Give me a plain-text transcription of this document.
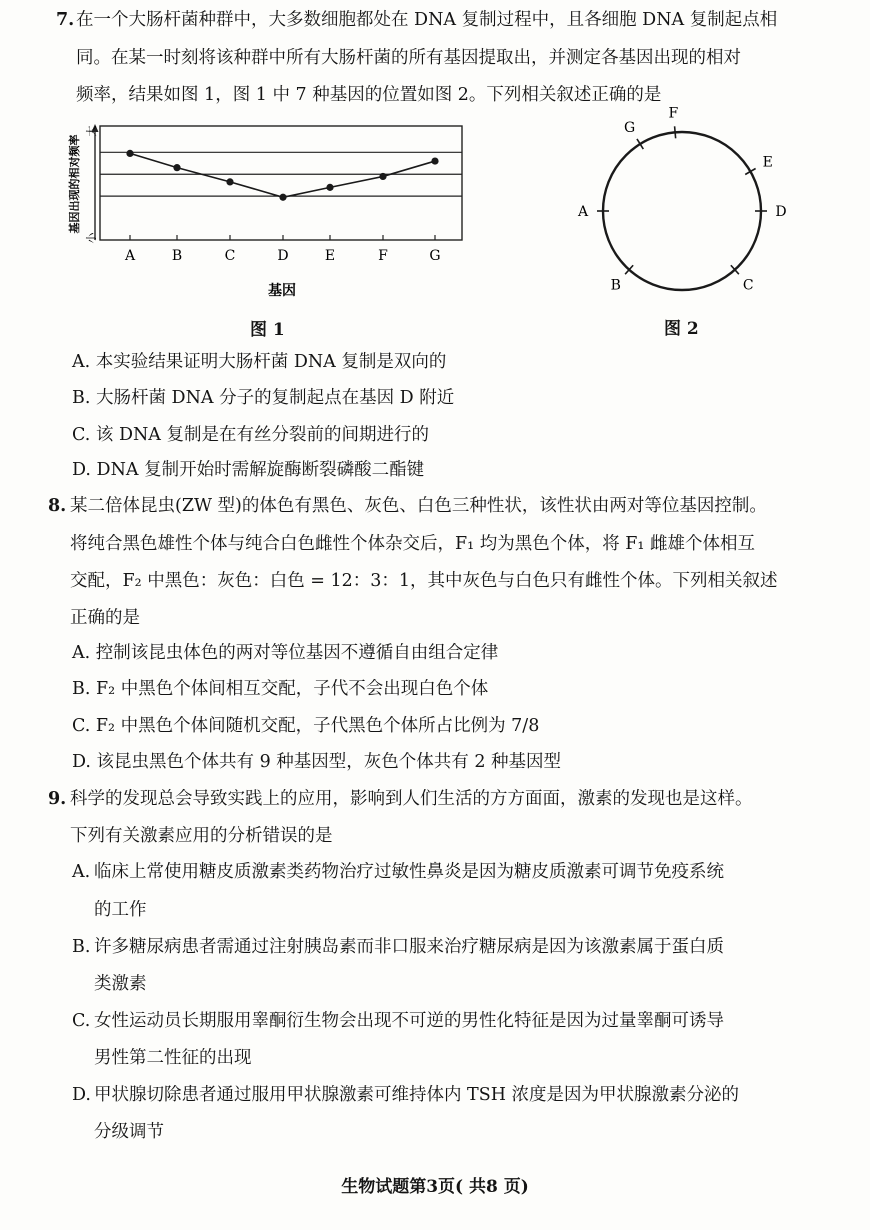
7. 在一个大肠杆菌种群中，大多数细胞都处在 DNA 复制过程中，且各细胞 DNA 复制起点相
同。在某一时刻将该种群中所有大肠杆菌的所有基因提取出，并测定各基因出现的相对
频率，结果如图 1，图 1 中 7 种基因的位置如图 2。下列相关叙述正确的是
大
小
基因出现的相对频率
A	B	C	D	E	F	G
基因
图 1
F
E
D
C
B
A
G
图 2
A. 本实验结果证明大肠杆菌 DNA 复制是双向的
B. 大肠杆菌 DNA 分子的复制起点在基因 D 附近
C. 该 DNA 复制是在有丝分裂前的间期进行的
D. DNA 复制开始时需解旋酶断裂磷酸二酯键
8. 某二倍体昆虫(ZW 型)的体色有黑色、灰色、白色三种性状，该性状由两对等位基因控制。
将纯合黑色雄性个体与纯合白色雌性个体杂交后，F₁ 均为黑色个体，将 F₁ 雌雄个体相互
交配，F₂ 中黑色：灰色：白色 = 12：3：1，其中灰色与白色只有雌性个体。下列相关叙述
正确的是
A. 控制该昆虫体色的两对等位基因不遵循自由组合定律
B. F₂ 中黑色个体间相互交配，子代不会出现白色个体
C. F₂ 中黑色个体间随机交配，子代黑色个体所占比例为 7/8
D. 该昆虫黑色个体共有 9 种基因型，灰色个体共有 2 种基因型
9. 科学的发现总会导致实践上的应用，影响到人们生活的方方面面，激素的发现也是这样。
下列有关激素应用的分析错误的是
A. 临床上常使用糖皮质激素类药物治疗过敏性鼻炎是因为糖皮质激素可调节免疫系统
的工作
B. 许多糖尿病患者需通过注射胰岛素而非口服来治疗糖尿病是因为该激素属于蛋白质
类激素
C. 女性运动员长期服用睾酮衍生物会出现不可逆的男性化特征是因为过量睾酮可诱导
男性第二性征的出现
D. 甲状腺切除患者通过服用甲状腺激素可维持体内 TSH 浓度是因为甲状腺激素分泌的
分级调节
生物试题第3页( 共8 页)
